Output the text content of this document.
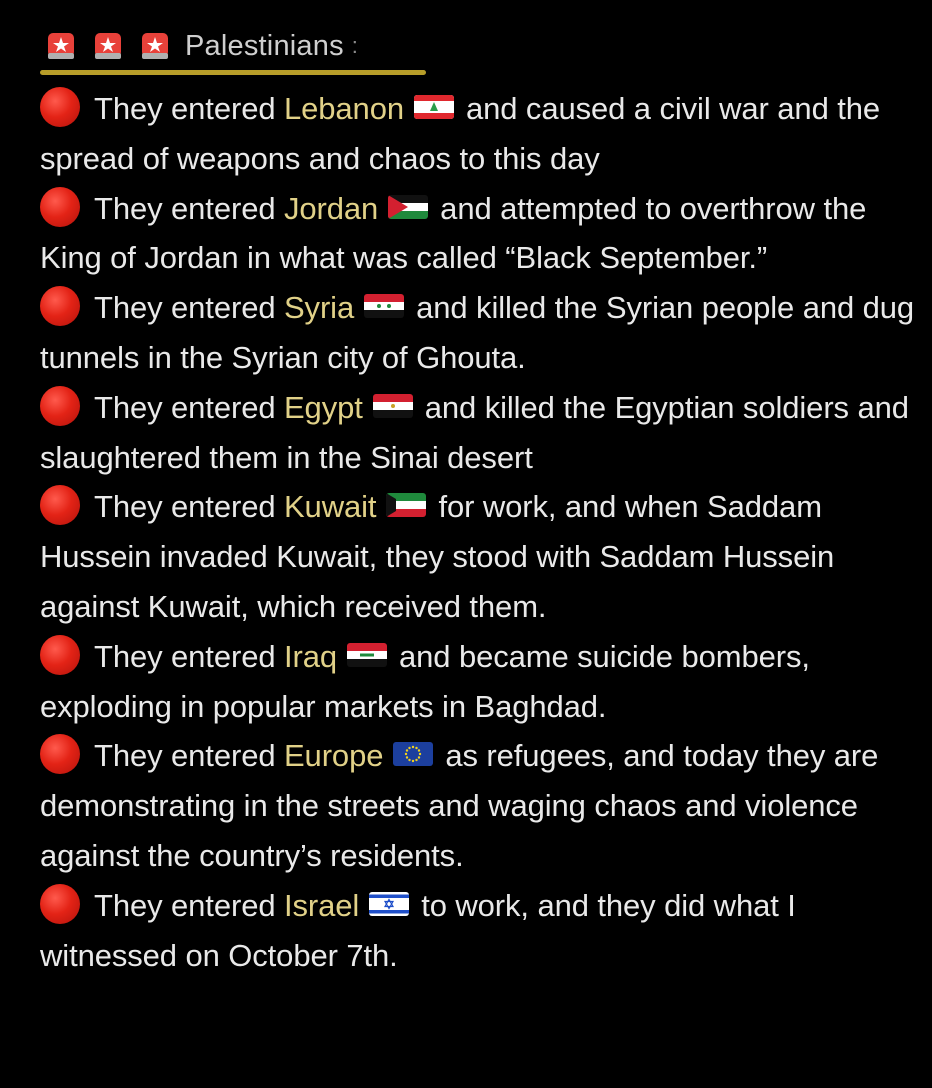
Palestinians :

They entered Lebanon and caused a civil war and the spread of weapons and chaos to this day

They entered Jordan and attempted to overthrow the King of Jordan in what was called “Black September.”

They entered Syria and killed the Syrian people and dug tunnels in the Syrian city of Ghouta.

They entered Egypt and killed the Egyptian soldiers and slaughtered them in the Sinai desert

They entered Kuwait for work, and when Saddam Hussein invaded Kuwait, they stood with Saddam Hussein against Kuwait, which received them.

They entered Iraq and became suicide bombers, exploding in popular markets in Baghdad.

They entered Europe as refugees, and today they are demonstrating in the streets and waging chaos and violence against the country’s residents.

They entered Israel to work, and they did what I witnessed on October 7th.
